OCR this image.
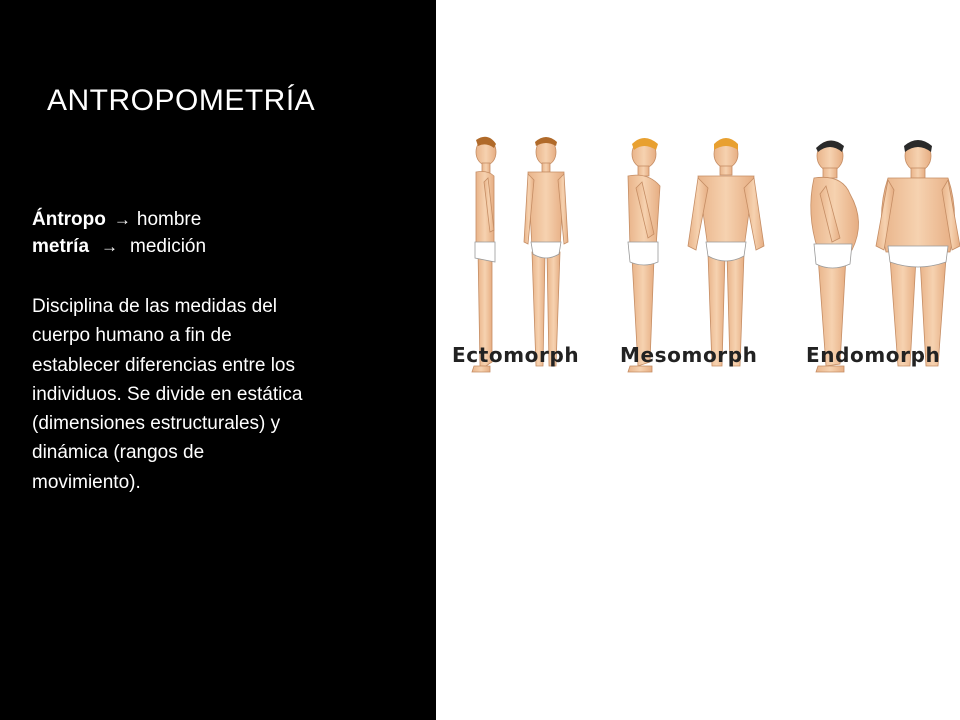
ANTROPOMETRÍA
Ántropo → hombre
metría → medición
Disciplina de las medidas del
cuerpo humano a fin de
establecer diferencias entre los
individuos. Se divide en estática
(dimensiones estructurales) y
dinámica (rangos de
movimiento).
Ectomorph Mesomorph Endomorph
